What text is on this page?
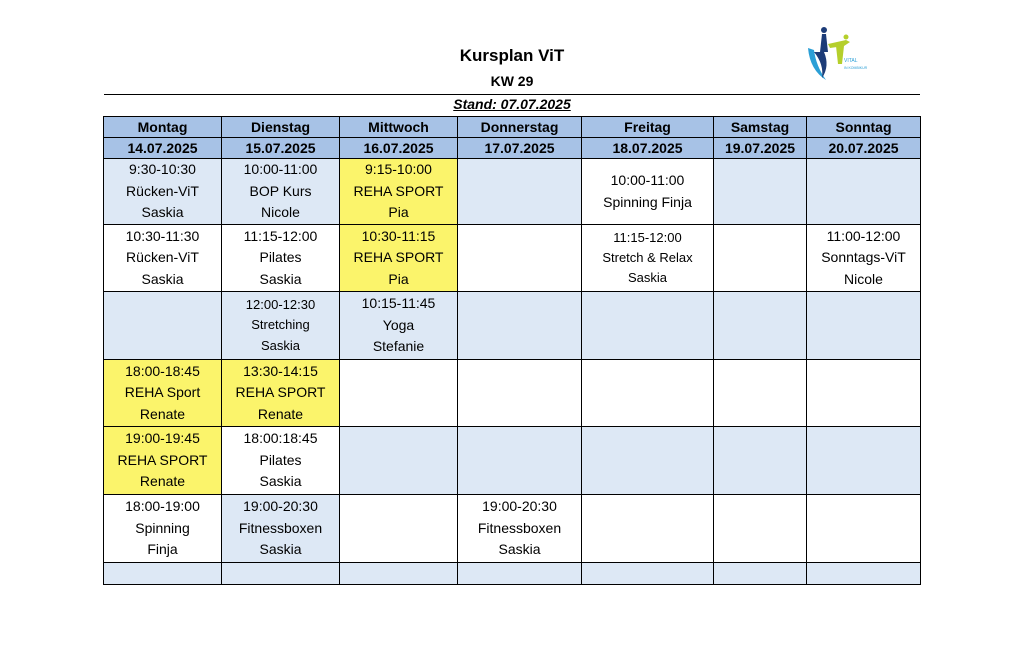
Kursplan ViT
KW 29
Stand: 07.07.2025
VITAL
IN KOMBIKUR
Montag	Dienstag	Mittwoch	Donnerstag	Freitag	Samstag	Sonntag
14.07.2025	15.07.2025	16.07.2025	17.07.2025	18.07.2025	19.07.2025	20.07.2025

9:30-10:30
Rücken-ViT
Saskia	10:00-11:00
BOP Kurs
Nicole	9:15-10:00
REHA SPORT
Pia		10:00-11:00
Spinning Finja		

10:30-11:30
Rücken-ViT
Saskia	11:15-12:00
Pilates
Saskia	10:30-11:15
REHA SPORT
Pia		11:15-12:00
Stretch & Relax
Saskia		11:00-12:00
Sonntags-ViT
Nicole

	12:00-12:30
Stretching
Saskia	10:15-11:45
Yoga
Stefanie				

18:00-18:45
REHA Sport
Renate	13:30-14:15
REHA SPORT
Renate					

19:00-19:45
REHA SPORT
Renate	18:00:18:45
Pilates
Saskia					

18:00-19:00
Spinning
Finja	19:00-20:30
Fitnessboxen
Saskia		19:00-20:30
Fitnessboxen
Saskia			
